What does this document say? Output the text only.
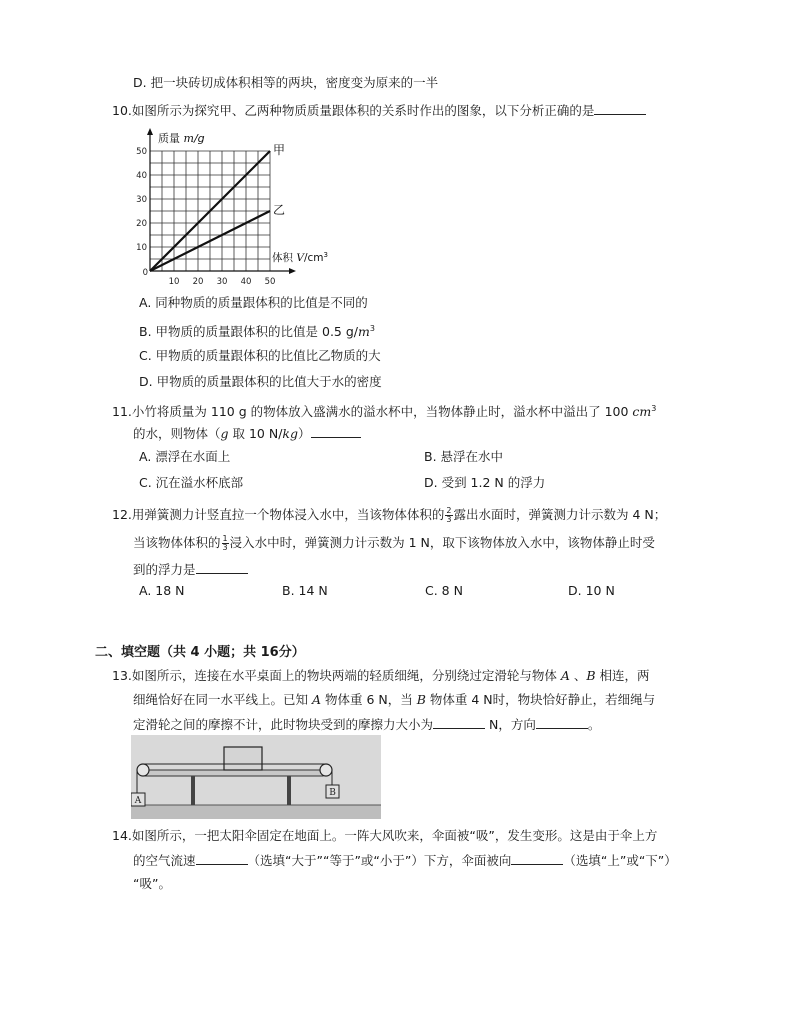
D. 把一块砖切成体积相等的两块，密度变为原来的一半
10.如图所示为探究甲、乙两种物质质量跟体积的关系时作出的图象，以下分析正确的是
10 20 30 40 50
10
20
30
40
50
0
质量 m/g
体积 $V/cm^3$
甲
乙
A. 同种物质的质量跟体积的比值是不同的
B. 甲物质的质量跟体积的比值是 0.5 $g/m^3$
C. 甲物质的质量跟体积的比值比乙物质的大
D. 甲物质的质量跟体积的比值大于水的密度
11.小竹将质量为 110 g 的物体放入盛满水的溢水杯中，当物体静止时，溢水杯中溢出了 100 $cm^3$
的水，则物体（g 取 10 N/kg）
A. 漂浮在水面上	B. 悬浮在水中
C. 沉在溢水杯底部	D. 受到 1.2 N 的浮力
12.用弹簧测力计竖直拉一个物体浸入水中，当该物体体积的 $\frac{2}{3}$ 露出水面时，弹簧测力计示数为 4 N；
当该物体体积的 $\frac{1}{3}$ 浸入水中时，弹簧测力计示数为 1 N，取下该物体放入水中，该物体静止时受
到的浮力是
A. 18 N	B. 14 N	C. 8 N	D. 10 N
二、填空题（共 4 小题；共 16分）
13.如图所示，连接在水平桌面上的物块两端的轻质细绳，分别绕过定滑轮与物体 A 、B 相连，两
细绳恰好在同一水平线上。已知 A 物体重 6 N，当 B 物体重 4 N时，物块恰好静止，若细绳与
定滑轮之间的摩擦不计，此时物块受到的摩擦力大小为	N，方向	。
A
B
14.如图所示，一把太阳伞固定在地面上。一阵大风吹来，伞面被“吸”，发生变形。这是由于伞上方
的空气流速	（选填“大于”“等于”或“小于”）下方，伞面被向	（选填“上”或“下”）
“吸”。
